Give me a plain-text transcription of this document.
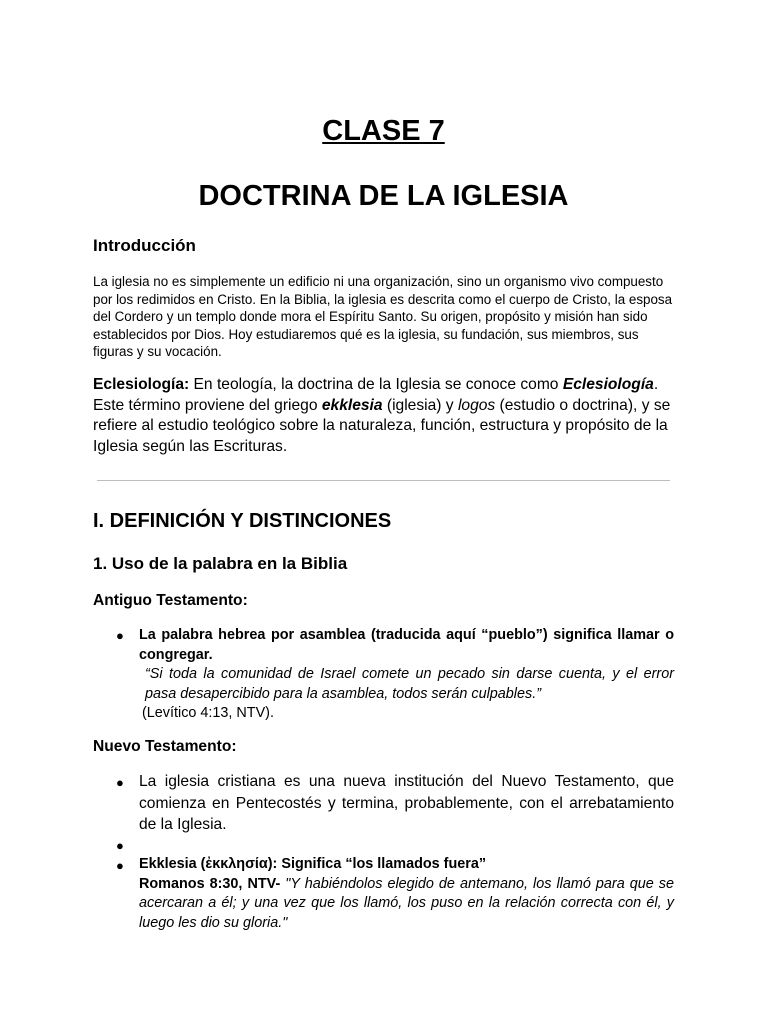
CLASE 7
DOCTRINA DE LA IGLESIA
Introducción

La iglesia no es simplemente un edificio ni una organización, sino un organismo vivo compuesto por los redimidos en Cristo. En la Biblia, la iglesia es descrita como el cuerpo de Cristo, la esposa del Cordero y un templo donde mora el Espíritu Santo. Su origen, propósito y misión han sido establecidos por Dios. Hoy estudiaremos qué es la iglesia, su fundación, sus miembros, sus figuras y su vocación.

Eclesiología: En teología, la doctrina de la Iglesia se conoce como Eclesiología. Este término proviene del griego ekklesia (iglesia) y logos (estudio o doctrina), y se refiere al estudio teológico sobre la naturaleza, función, estructura y propósito de la Iglesia según las Escrituras.

I. DEFINICIÓN Y DISTINCIONES
1. Uso de la palabra en la Biblia
Antiguo Testamento:
● La palabra hebrea por asamblea (traducida aquí “pueblo”) significa llamar o congregar.
“Si toda la comunidad de Israel comete un pecado sin darse cuenta, y el error pasa desapercibido para la asamblea, todos serán culpables.”
(Levítico 4:13, NTV).
Nuevo Testamento:
● La iglesia cristiana es una nueva institución del Nuevo Testamento, que comienza en Pentecostés y termina, probablemente, con el arrebatamiento de la Iglesia.

●
● Ekklesia (ἐκκλησία): Significa “los llamados fuera”
Romanos 8:30, NTV- "Y habiéndolos elegido de antemano, los llamó para que se acercaran a él; y una vez que los llamó, los puso en la relación correcta con él, y luego les dio su gloria."
